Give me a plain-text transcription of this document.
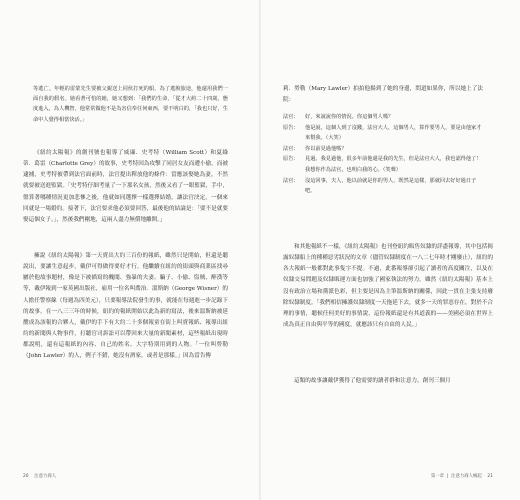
等逃亡。年輕的雷蒙先生要被父親送上同伙打死的船，為了逃脫旅途，他還用我們一面自我的假名。她看著可怕的她，她又想到：「我們的生命，「從才大約二十四歲，態度進入，為人機智，他常常做他不是為害信奉任何東西，要不明白的，「我也只好，生命中人覺得相當快活。」

《紐約太陽報》的創刊號也報導了威廉．史考特（William Scott）和夏綠蒂．葛雷（Charlotte Grey）的故事，史考特因為攻擊了同居女友而遭小偷，而被逮捕，史考特被帶到法官面前時，法官提出釋放他的條件：當應該娶她為妻，不然就要被送進監獄。「史考特仔細考量了一下那名女孩，然後又看了一眼監獄，手中，盤算著哪種情況更加悲慘之後，他就如同選擇一樣選擇結婚，讓法官決定，一個來回就是一場婚約。接著下，法官要求他必須要回答，最後他的結論是：「要不是就要娶這個女子。」，然後我們剛地，這兩人盡力無償地離開。」

擁說《紐約太陽報》第一天賣出大約三百份的報紙，雖然只是開始，但還是聽說出，要讓生意起步，戴伊可得做得要好才行。他繼續在紐約的街頭與商業區找尋屬於他故事題材，像是下被描寫的醜聞、強暴的夫妻、騙子、小偷、盜賊、醉漢等等，戴伊報到一家英國出版社，雇用一位名叫喬治．溫斯納（George Wisner）的人擔任警察線（每週為四美元），只要報導法院發生的事，就能在每週進一步記錄下的故事。在一八三三年的時候，紐約的報紙開始以此為新的寫法，後來溫斯納被延攬成為該報的合夥人，戴伊的手下有大約二十多個報童在街上叫賣報紙、報導出紐約的新聞與人物事件，打聽官司訴訟可以帶回來大量的新聞素材，這些報紙出現時都說明，還有這報紙的內容、自己的姓名、大字特別用到的人物。「一位叫勞勒（John Lawler）的人，例子不錯，她沒有酒家，或者是那樣。」因為當告傳

20 注意力商人

莉．勞勒（Mary Lawler）拍拍他揚到了她的身邊，問道如果你，所以她上了法院：

法官：	好，來說說你的情況。你這個男人嗎？
原告：	他是說，這個人到了沒錢，法官大人，這個男人，算作要男人，要是由他家才來幫我。（大笑）
法官：	你以前見過他嗎？
原告：	見過。我見過他，很多年前他還是我的先生，但是法官大人，我也認得他了！我想你作為法官，也明白我的心。（笑聲）
法官：	沒這回事，夫人，他以前就是你的男人，既然是這樣，那就回去好好過日子吧。

和其他報紙不一樣，《紐約太陽報》也刊登紐約販售奴隸的詳盡報導，其中包括揭露奴隸船上的種種惡劣狀況的文章（儘管奴隸制度在一八二七年時才剛廢止），紐約的各大報紙一般都對此事隻字不提。不過，此番報導卻引起了讀者的高度關注，以及在奴隸交易問題及奴隸販運方面也加強了國家執法的努力。雖然《紐約太陽報》基本上沒有政治立場和黨派色彩，但主要是因為主筆溫斯納的關係，因此一貫在主張支持廢除奴隸制度。「我們相信擁護奴隸制度一天拖延下去，就多一天的罪惡存在，對於不合理的事情，聽候任何美好的事情說，這份報紙還是有其道義的——美國必須在世界上成為真正自由與平等的國度，就應該只有自由的人民。」

這類的故事讓戴伊獲得了他需要的讀者群和注意力，創刊三個月

第一章  |  注意力商人崛起 21
